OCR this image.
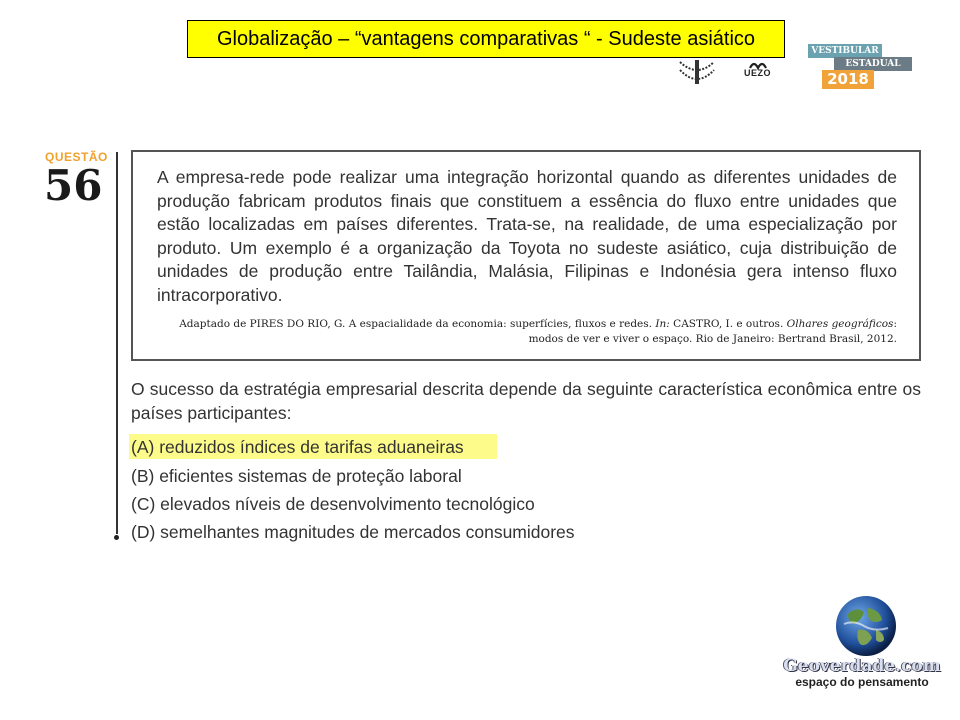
Globalização – “vantagens comparativas “ - Sudeste asiático
UEZO
VESTIBULAR
ESTADUAL
2018
QUESTÃO
56	A empresa-rede pode realizar uma integração horizontal quando as diferentes unidades de produção fabricam produtos finais que constituem a essência do fluxo entre unidades que estão localizadas em países diferentes. Trata-se, na realidade, de uma especialização por produto. Um exemplo é a organização da Toyota no sudeste asiático, cuja distribuição de unidades de produção entre Tailândia, Malásia, Filipinas e Indonésia gera intenso fluxo intracorporativo.
Adaptado de PIRES DO RIO, G. A espacialidade da economia: superfícies, fluxos e redes. In: CASTRO, I. e outros. Olhares geográficos: modos de ver e viver o espaço. Rio de Janeiro: Bertrand Brasil, 2012.
O sucesso da estratégia empresarial descrita depende da seguinte característica econômica entre os países participantes:
(A) reduzidos índices de tarifas aduaneiras
(B) eficientes sistemas de proteção laboral
(C) elevados níveis de desenvolvimento tecnológico
(D) semelhantes magnitudes de mercados consumidores
Geoverdade.com
espaço do pensamento
